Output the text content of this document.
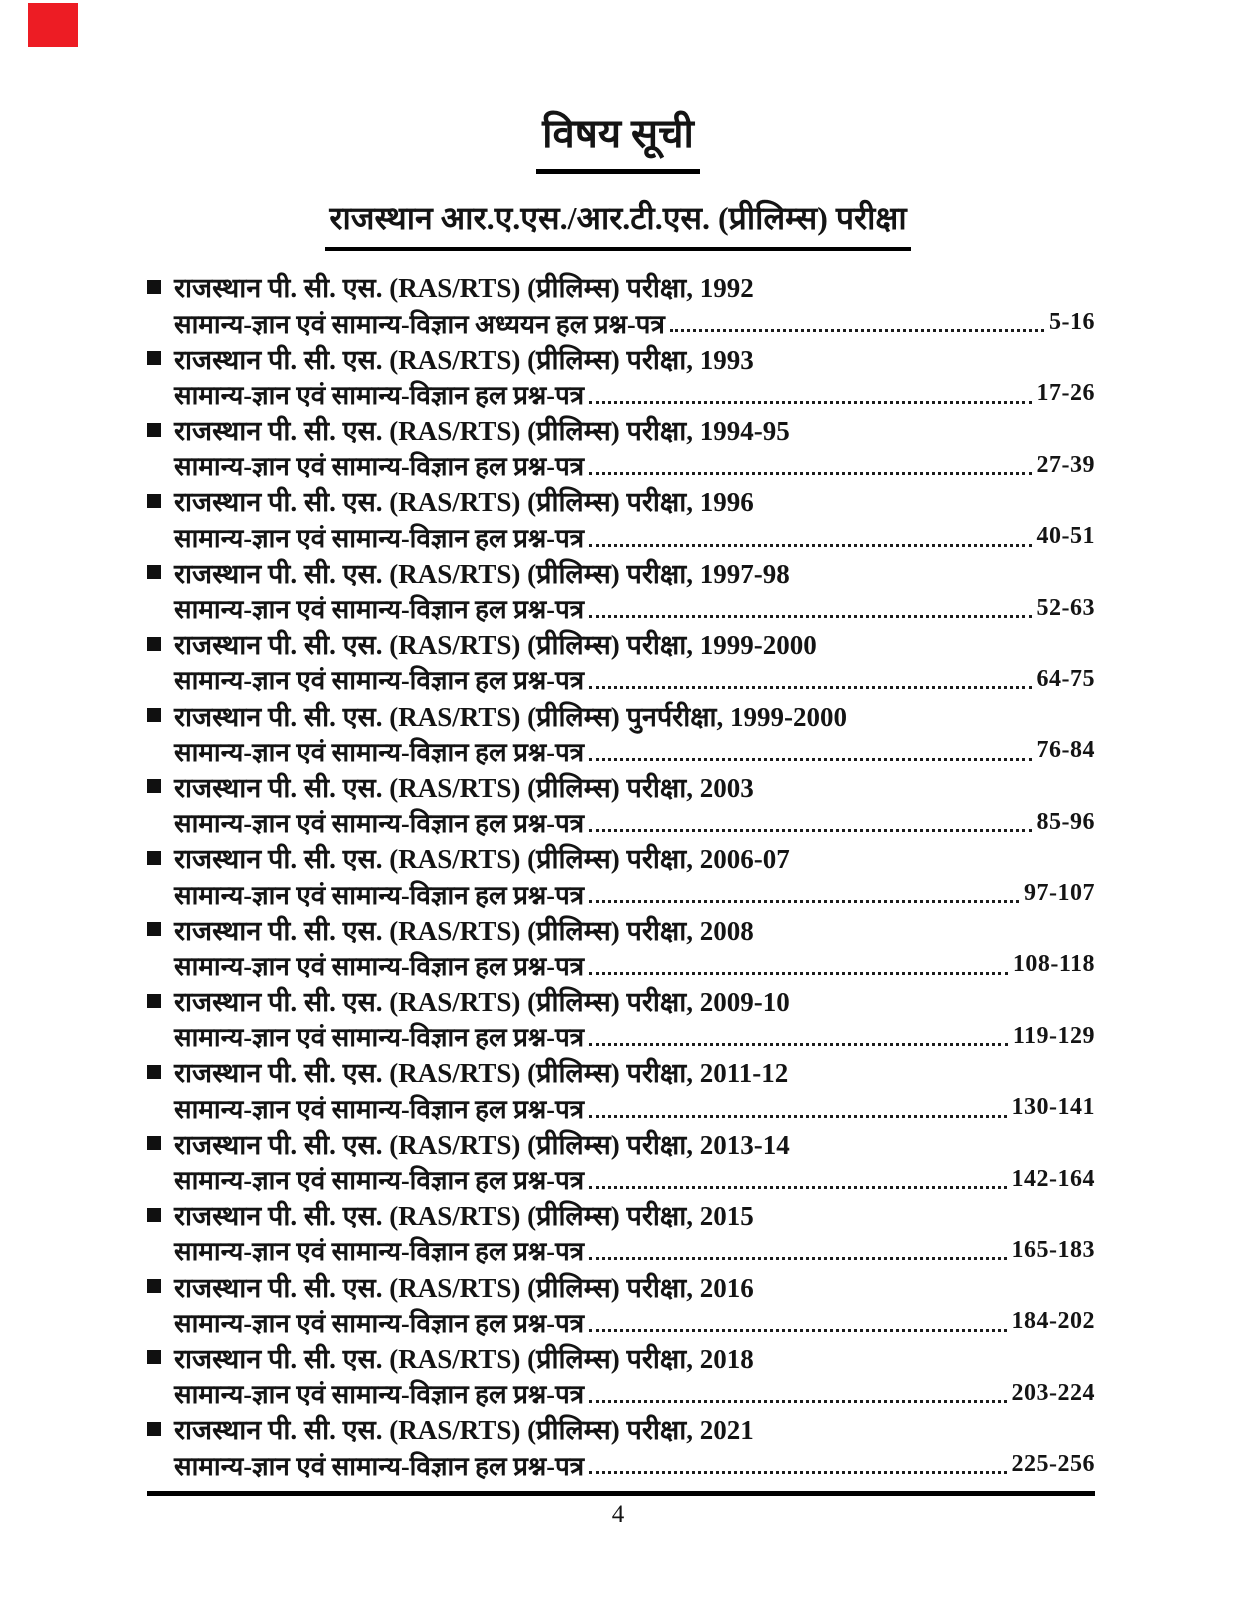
विषय सूची
राजस्थान आर.ए.एस./आर.टी.एस. (प्रीलिम्स) परीक्षा
राजस्थान पी. सी. एस. (RAS/RTS) (प्रीलिम्स) परीक्षा, 1992
सामान्य-ज्ञान एवं सामान्य-विज्ञान अध्ययन हल प्रश्न-पत्र	5-16
राजस्थान पी. सी. एस. (RAS/RTS) (प्रीलिम्स) परीक्षा, 1993
सामान्य-ज्ञान एवं सामान्य-विज्ञान हल प्रश्न-पत्र	17-26
राजस्थान पी. सी. एस. (RAS/RTS) (प्रीलिम्स) परीक्षा, 1994-95
सामान्य-ज्ञान एवं सामान्य-विज्ञान हल प्रश्न-पत्र	27-39
राजस्थान पी. सी. एस. (RAS/RTS) (प्रीलिम्स) परीक्षा, 1996
सामान्य-ज्ञान एवं सामान्य-विज्ञान हल प्रश्न-पत्र	40-51
राजस्थान पी. सी. एस. (RAS/RTS) (प्रीलिम्स) परीक्षा, 1997-98
सामान्य-ज्ञान एवं सामान्य-विज्ञान हल प्रश्न-पत्र	52-63
राजस्थान पी. सी. एस. (RAS/RTS) (प्रीलिम्स) परीक्षा, 1999-2000
सामान्य-ज्ञान एवं सामान्य-विज्ञान हल प्रश्न-पत्र	64-75
राजस्थान पी. सी. एस. (RAS/RTS) (प्रीलिम्स) पुनर्परीक्षा, 1999-2000
सामान्य-ज्ञान एवं सामान्य-विज्ञान हल प्रश्न-पत्र	76-84
राजस्थान पी. सी. एस. (RAS/RTS) (प्रीलिम्स) परीक्षा, 2003
सामान्य-ज्ञान एवं सामान्य-विज्ञान हल प्रश्न-पत्र	85-96
राजस्थान पी. सी. एस. (RAS/RTS) (प्रीलिम्स) परीक्षा, 2006-07
सामान्य-ज्ञान एवं सामान्य-विज्ञान हल प्रश्न-पत्र	97-107
राजस्थान पी. सी. एस. (RAS/RTS) (प्रीलिम्स) परीक्षा, 2008
सामान्य-ज्ञान एवं सामान्य-विज्ञान हल प्रश्न-पत्र	108-118
राजस्थान पी. सी. एस. (RAS/RTS) (प्रीलिम्स) परीक्षा, 2009-10
सामान्य-ज्ञान एवं सामान्य-विज्ञान हल प्रश्न-पत्र	119-129
राजस्थान पी. सी. एस. (RAS/RTS) (प्रीलिम्स) परीक्षा, 2011-12
सामान्य-ज्ञान एवं सामान्य-विज्ञान हल प्रश्न-पत्र	130-141
राजस्थान पी. सी. एस. (RAS/RTS) (प्रीलिम्स) परीक्षा, 2013-14
सामान्य-ज्ञान एवं सामान्य-विज्ञान हल प्रश्न-पत्र	142-164
राजस्थान पी. सी. एस. (RAS/RTS) (प्रीलिम्स) परीक्षा, 2015
सामान्य-ज्ञान एवं सामान्य-विज्ञान हल प्रश्न-पत्र	165-183
राजस्थान पी. सी. एस. (RAS/RTS) (प्रीलिम्स) परीक्षा, 2016
सामान्य-ज्ञान एवं सामान्य-विज्ञान हल प्रश्न-पत्र	184-202
राजस्थान पी. सी. एस. (RAS/RTS) (प्रीलिम्स) परीक्षा, 2018
सामान्य-ज्ञान एवं सामान्य-विज्ञान हल प्रश्न-पत्र	203-224
राजस्थान पी. सी. एस. (RAS/RTS) (प्रीलिम्स) परीक्षा, 2021
सामान्य-ज्ञान एवं सामान्य-विज्ञान हल प्रश्न-पत्र	225-256
4
